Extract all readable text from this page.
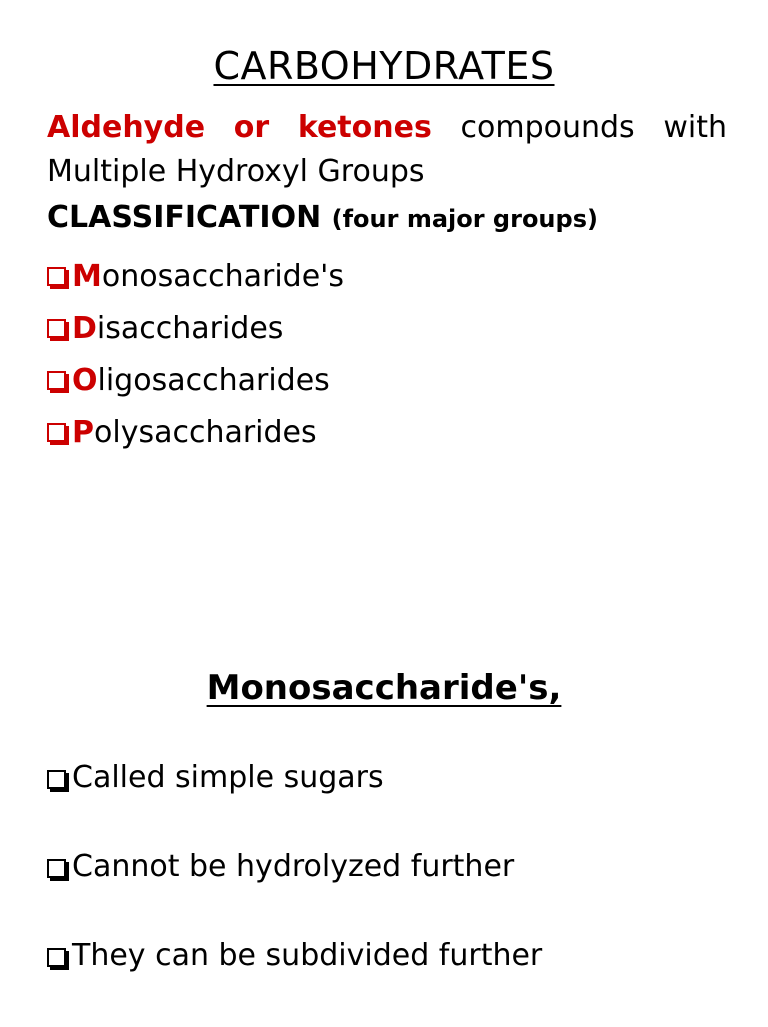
CARBOHYDRATES
Aldehyde or ketones compounds with
Multiple Hydroxyl Groups
CLASSIFICATION (four major groups)
M onosaccharide's
D isaccharides
O ligosaccharides
P olysaccharides
Monosaccharide's,
Called simple sugars
Cannot be hydrolyzed further
They can be subdivided further
